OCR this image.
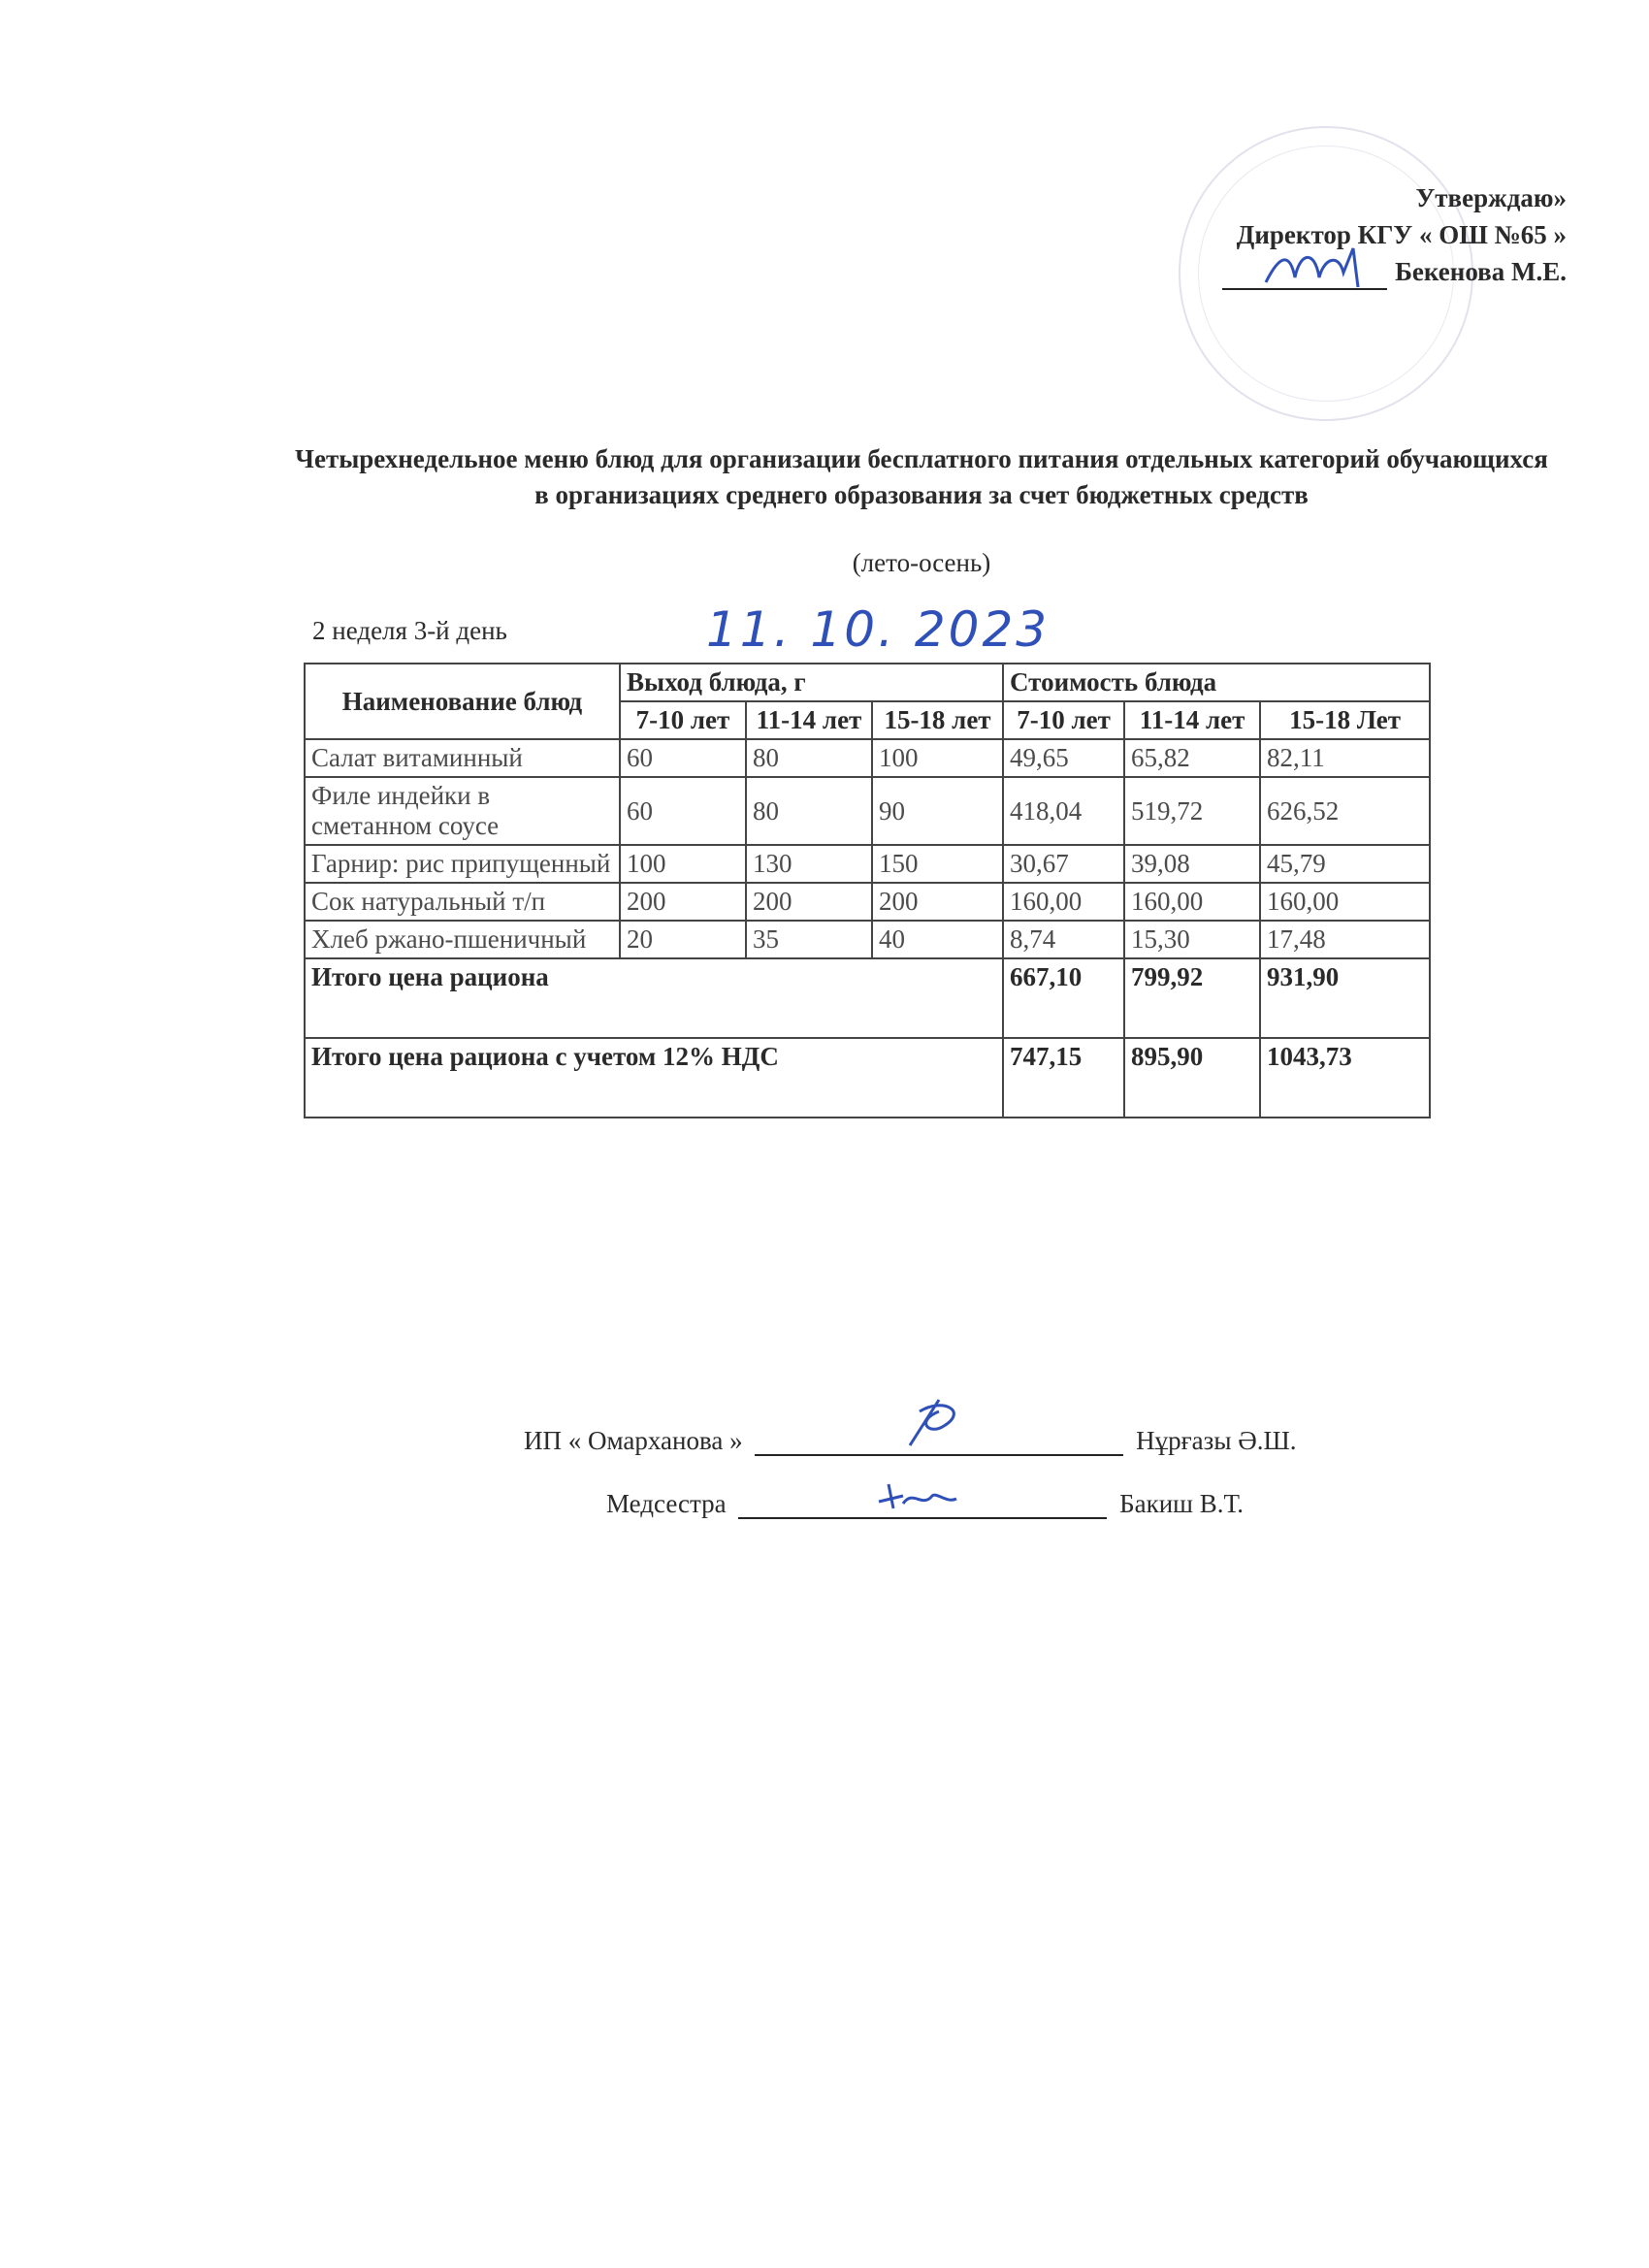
Утверждаю»
Директор КГУ « ОШ №65 »
Бекенова М.Е.
Четырехнедельное меню блюд для организации бесплатного питания отдельных категорий обучающихся в организациях среднего образования за счет бюджетных средств
(лето-осень)
2 неделя 3-й день	11. 10. 2023
Наименование блюд	Выход блюда, г			Стоимость блюда		
	7-10 лет	11-14 лет	15-18 лет	7-10 лет	11-14 лет	15-18 Лет
Салат витаминный	60	80	100	49,65	65,82	82,11
Филе индейки в сметанном соусе	60	80	90	418,04	519,72	626,52
Гарнир: рис припущенный	100	130	150	30,67	39,08	45,79
Сок натуральный т/п	200	200	200	160,00	160,00	160,00
Хлеб ржано-пшеничный	20	35	40	8,74	15,30	17,48
Итого цена рациона				667,10	799,92	931,90
Итого цена рациона с учетом 12% НДС				747,15	895,90	1043,73
ИП « Омарханова »	Нұрғазы Ә.Ш.
Медсестра	Бакиш В.Т.
